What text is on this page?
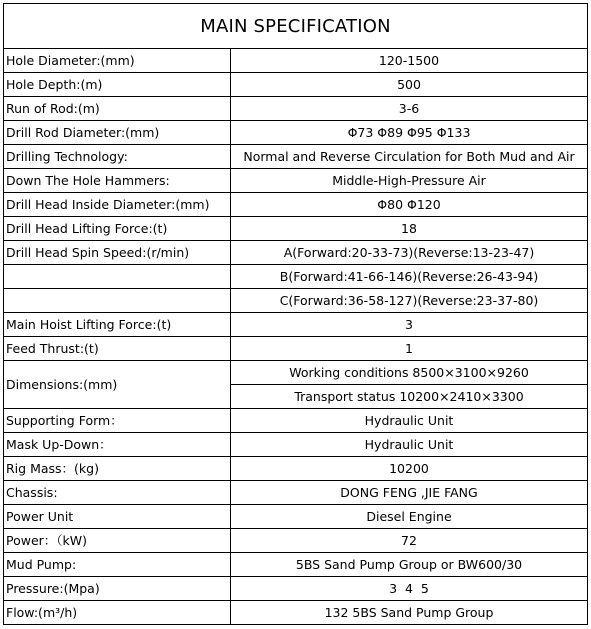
MAIN SPECIFICATION	
Hole Diameter:(mm)	120-1500
Hole Depth:(m)	500
Run of Rod:(m)	3-6
Drill Rod Diameter:(mm)	Φ73 Φ89 Φ95 Φ133
Drilling Technology:	Normal and Reverse Circulation for Both Mud and Air
Down The Hole Hammers:	Middle-High-Pressure Air
Drill Head Inside Diameter:(mm)	Φ80 Φ120
Drill Head Lifting Force:(t)	18
Drill Head Spin Speed:(r/min)	A(Forward:20-33-73)(Reverse:13-23-47)
	B(Forward:41-66-146)(Reverse:26-43-94)
	C(Forward:36-58-127)(Reverse:23-37-80)
Main Hoist Lifting Force:(t)	3
Feed Thrust:(t)	1
Dimensions:(mm)	Working conditions 8500×3100×9260
	Transport status 10200×2410×3300
Supporting Form：	Hydraulic Unit
Mask Up-Down：	Hydraulic Unit
Rig Mass：(kg)	10200
Chassis:	DONG FENG ,JIE FANG
Power Unit	Diesel Engine
Power：（kW)	72
Mud Pump:	5BS Sand Pump Group or BW600/30
Pressure:(Mpa)	3  4  5
Flow:(m³/h)	132 5BS Sand Pump Group
